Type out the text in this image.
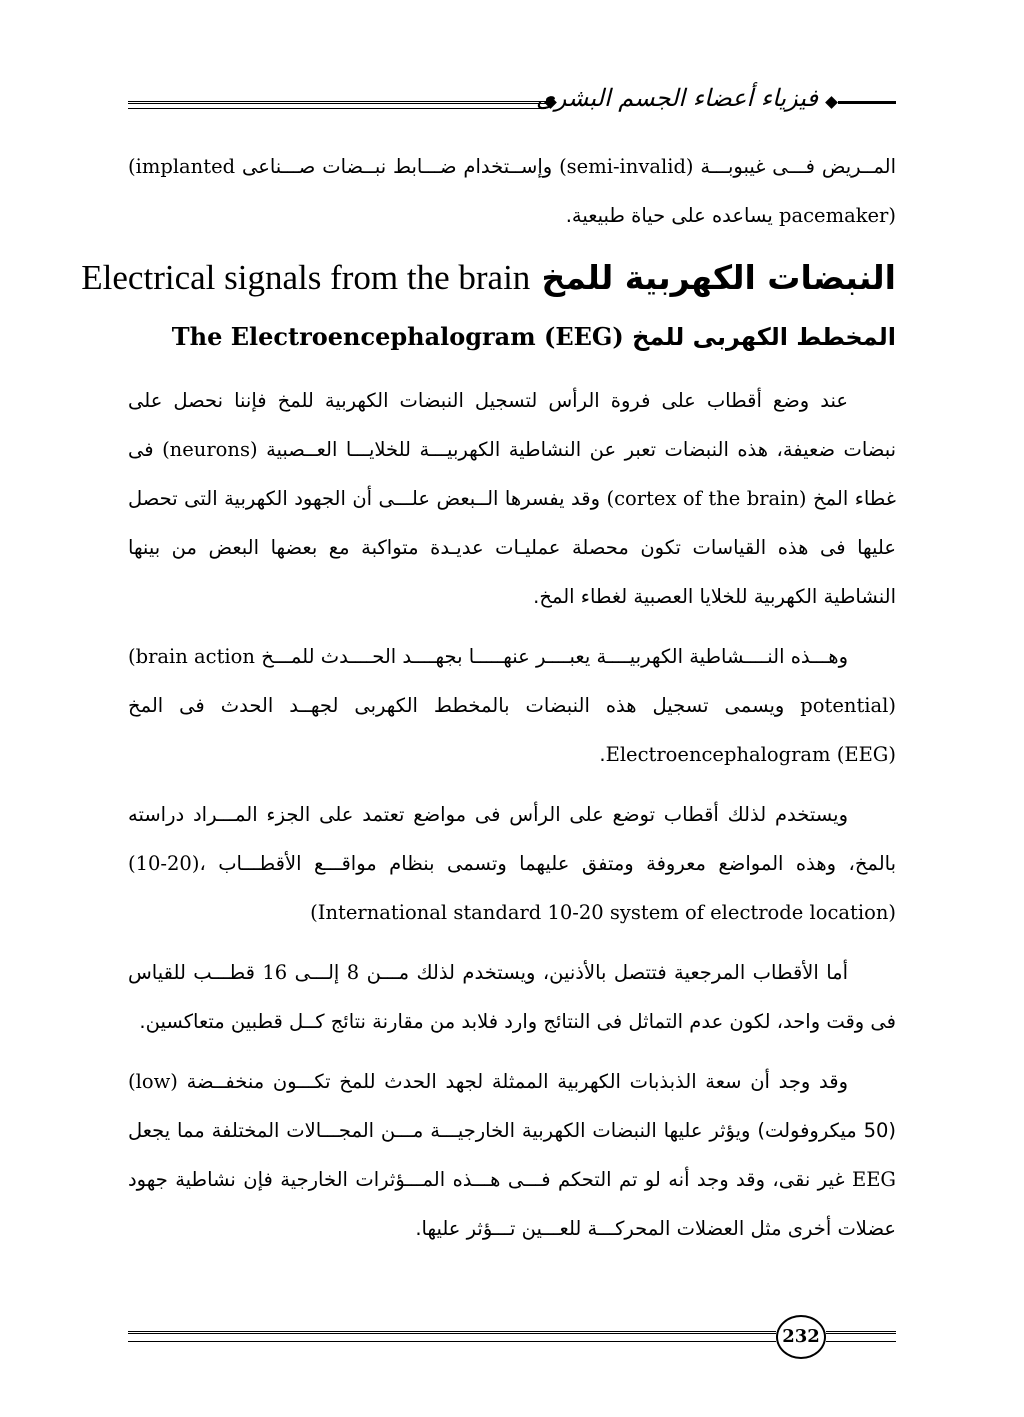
فيزياء أعضاء الجسم البشرى

المــريض فـــى غيبوبـــة (semi-invalid) وإســتخدام ضـــابط نبــضات صـــناعى (implanted pacemaker) يساعده على حياة طبيعية.

النبضات الكهربية للمخ Electrical signals from the brain
المخطط الكهربى للمخ The Electroencephalogram (EEG)

عند وضع أقطاب على فروة الرأس لتسجيل النبضات الكهربية للمخ فإننا نحصل على نبضات ضعيفة، هذه النبضات تعبر عن النشاطية الكهربيـــة للخلايـــا العــصبية (neurons) فى غطاء المخ (cortex of the brain) وقد يفسرها الــبعض علـــى أن الجهود الكهربية التى تحصل عليها فى هذه القياسات تكون محصلة عمليـات عديـدة متواكبة مع بعضها البعض من بينها النشاطية الكهربية للخلايا العصبية لغطاء المخ.

وهـــذه النــــشاطية الكهربيــــة يعبــــر عنهـــــا بجهــــد الحــــدث للمـــخ (brain action potential) ويسمى تسجيل هذه النبضات بالمخطط الكهربى لجهــد الحدث فى المخ Electroencephalogram (EEG).

ويستخدم لذلك أقطاب توضع على الرأس فى مواضع تعتمد على الجزء المـــراد دراسته بالمخ، وهذه المواضع معروفة ومتفق عليهما وتسمى بنظام مواقـــع الأقطـــاب (10-20)، (International standard 10-20 system of electrode location)

أما الأقطاب المرجعية فتتصل بالأذنين، ويستخدم لذلك مـــن 8 إلـــى 16 قطـــب للقياس فى وقت واحد، لكون عدم التماثل فى النتائج وارد فلابد من مقارنة نتائج كــل قطبين متعاكسين.

وقد وجد أن سعة الذبذبات الكهربية الممثلة لجهد الحدث للمخ تكـــون منخفــضة (low) (50 ميكروفولت) ويؤثر عليها النبضات الكهربية الخارجيـــة مـــن المجـــالات المختلفة مما يجعل EEG غير نقى، وقد وجد أنه لو تم التحكم فـــى هـــذه المـــؤثرات الخارجية فإن نشاطية جهود عضلات أخرى مثل العضلات المحركـــة للعـــين تـــؤثر عليها.

232
